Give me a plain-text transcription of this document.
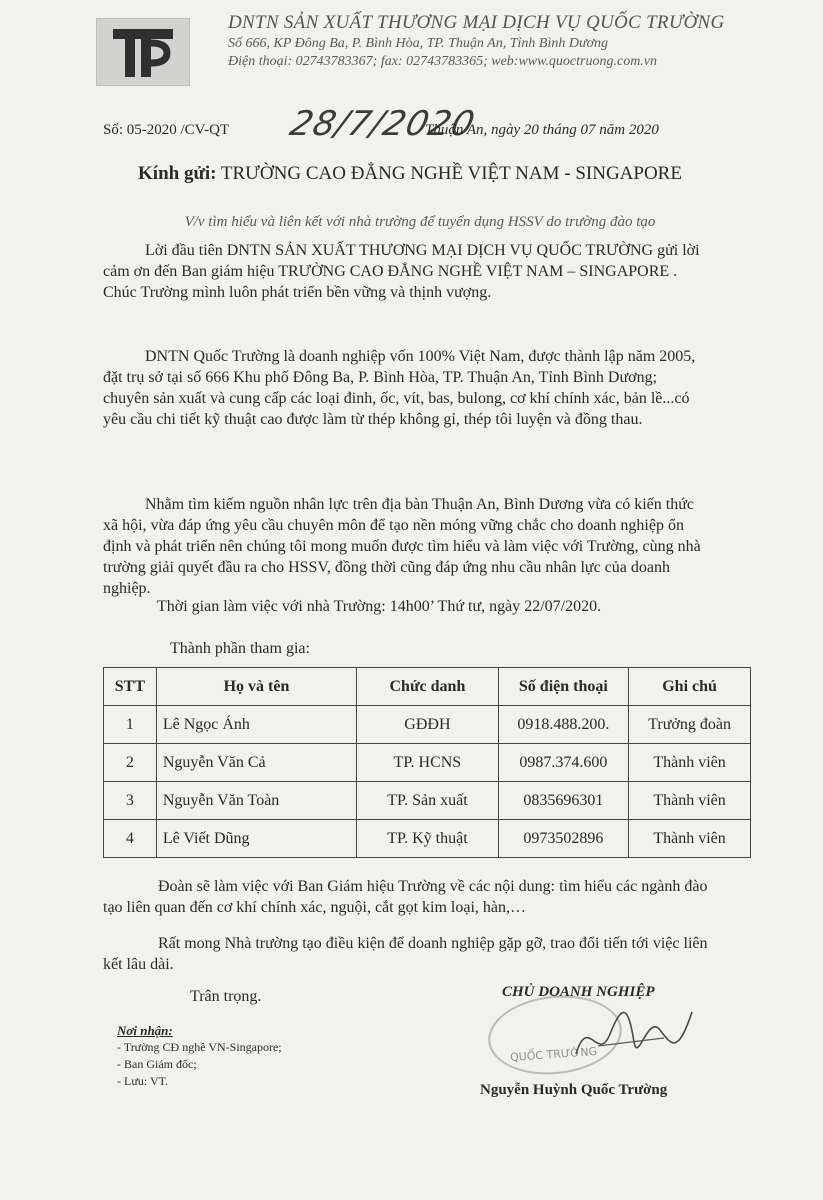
DNTN SẢN XUẤT THƯƠNG MẠI DỊCH VỤ QUỐC TRƯỜNG
Số 666, KP Đông Ba, P. Bình Hòa, TP. Thuận An, Tỉnh Bình Dương
Điện thoại: 02743783367; fax: 02743783365; web:www.quoctruong.com.vn
Số: 05-2020 /CV-QT 28/7/2020
Thuận An, ngày 20 tháng 07 năm 2020
Kính gửi: TRƯỜNG CAO ĐẲNG NGHỀ VIỆT NAM - SINGAPORE
V/v tìm hiểu và liên kết với nhà trường để tuyển dụng HSSV do trường đào tạo
Lời đầu tiên DNTN SẢN XUẤT THƯƠNG MẠI DỊCH VỤ QUỐC TRƯỜNG gửi lời cảm ơn đến Ban giám hiệu TRƯỜNG CAO ĐẲNG NGHỀ VIỆT NAM – SINGAPORE . Chúc Trường mình luôn phát triển bền vững và thịnh vượng.
DNTN Quốc Trường là doanh nghiệp vốn 100% Việt Nam, được thành lập năm 2005, đặt trụ sở tại số 666 Khu phố Đông Ba, P. Bình Hòa, TP. Thuận An, Tỉnh Bình Dương; chuyên sản xuất và cung cấp các loại đinh, ốc, vít, bas, bulong, cơ khí chính xác, bản lề...có yêu cầu chi tiết kỹ thuật cao được làm từ thép không gỉ, thép tôi luyện và đồng thau.
Nhằm tìm kiếm nguồn nhân lực trên địa bàn Thuận An, Bình Dương vừa có kiến thức xã hội, vừa đáp ứng yêu cầu chuyên môn để tạo nền móng vững chắc cho doanh nghiệp ổn định và phát triển nên chúng tôi mong muốn được tìm hiểu và làm việc với Trường, cùng nhà trường giải quyết đầu ra cho HSSV, đồng thời cũng đáp ứng nhu cầu nhân lực của doanh nghiệp.
Thời gian làm việc với nhà Trường: 14h00’ Thứ tư, ngày 22/07/2020.
Thành phần tham gia:
STT	Họ và tên	Chức danh	Số điện thoại	Ghi chú
1	Lê Ngọc Ánh	GĐĐH	0918.488.200.	Trưởng đoàn
2	Nguyễn Văn Cả	TP. HCNS	0987.374.600	Thành viên
3	Nguyễn Văn Toàn	TP. Sản xuất	0835696301	Thành viên
4	Lê Viết Dũng	TP. Kỹ thuật	0973502896	Thành viên
Đoàn sẽ làm việc với Ban Giám hiệu Trường về các nội dung: tìm hiểu các ngành đào tạo liên quan đến cơ khí chính xác, nguội, cắt gọt kim loại, hàn,…
Rất mong Nhà trường tạo điều kiện để doanh nghiệp gặp gỡ, trao đổi tiến tới việc liên kết lâu dài.
Trân trọng.
Nơi nhận:
- Trường CĐ nghề VN-Singapore;
- Ban Giám đốc;
- Lưu: VT.
CHỦ DOANH NGHIỆP
QUỐC TRƯỜNG
Nguyễn Huỳnh Quốc Trường
